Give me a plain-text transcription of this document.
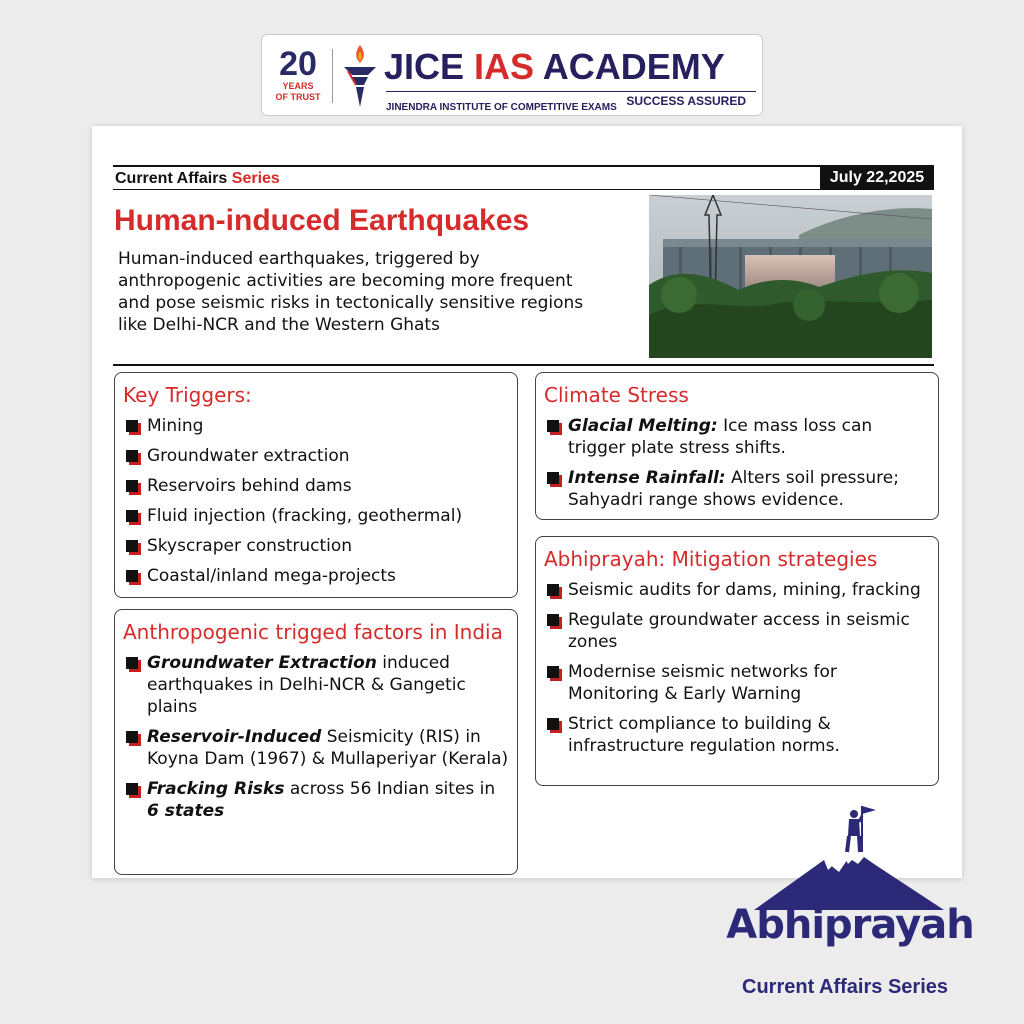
20
YEARS
OF TRUST
JICE IAS ACADEMY
JINENDRA INSTITUTE OF COMPETITIVE EXAMS SUCCESS ASSURED
Current Affairs Series	July 22,2025
Human-induced Earthquakes
Human-induced earthquakes, triggered by anthropogenic activities are becoming more frequent and pose seismic risks in tectonically sensitive regions like Delhi-NCR and the Western Ghats
Key Triggers:
Mining
Groundwater extraction
Reservoirs behind dams
Fluid injection (fracking, geothermal)
Skyscraper construction
Coastal/inland mega-projects
Anthropogenic trigged factors in India
Groundwater Extraction induced earthquakes in Delhi-NCR & Gangetic plains
Reservoir-Induced Seismicity (RIS) in Koyna Dam (1967) & Mullaperiyar (Kerala)
Fracking Risks across 56 Indian sites in 6 states
Climate Stress
Glacial Melting: Ice mass loss can trigger plate stress shifts.
Intense Rainfall: Alters soil pressure; Sahyadri range shows evidence.
Abhiprayah: Mitigation strategies
Seismic audits for dams, mining, fracking
Regulate groundwater access in seismic zones
Modernise seismic networks for Monitoring & Early Warning
Strict compliance to building & infrastructure regulation norms.
Abhiprayah
Current Affairs Series
